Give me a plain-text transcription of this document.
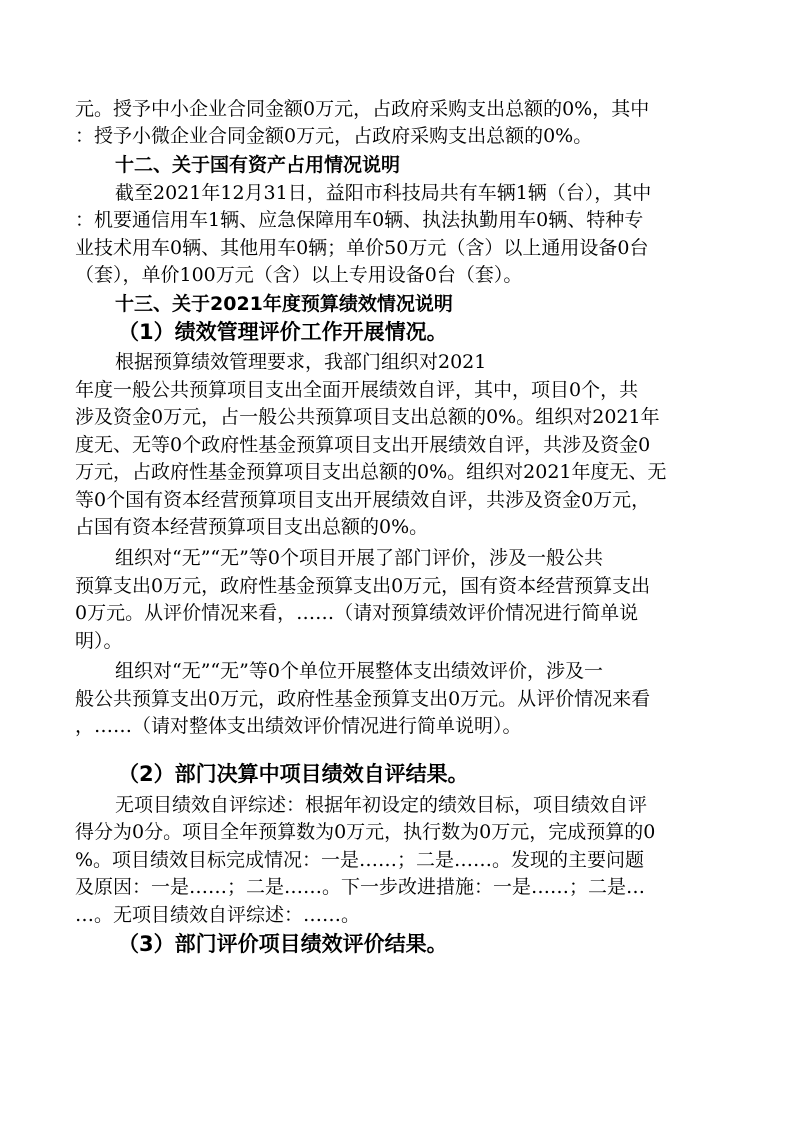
元。授予中小企业合同金额0万元，占政府采购支出总额的0%，其中
：授予小微企业合同金额0万元，占政府采购支出总额的0%。
十二、关于国有资产占用情况说明
截至2021年12月31日，益阳市科技局共有车辆1辆（台），其中
：机要通信用车1辆、应急保障用车0辆、执法执勤用车0辆、特种专
业技术用车0辆、其他用车0辆；单价50万元（含）以上通用设备0台
（套），单价100万元（含）以上专用设备0台（套）。
十三、关于2021年度预算绩效情况说明
（1）绩效管理评价工作开展情况。
根据预算绩效管理要求，我部门组织对2021
年度一般公共预算项目支出全面开展绩效自评，其中，项目0个，共
涉及资金0万元，占一般公共预算项目支出总额的0%。组织对2021年
度无、无等0个政府性基金预算项目支出开展绩效自评，共涉及资金0
万元，占政府性基金预算项目支出总额的0%。组织对2021年度无、无
等0个国有资本经营预算项目支出开展绩效自评，共涉及资金0万元，
占国有资本经营预算项目支出总额的0%。
组织对“无”“无”等0个项目开展了部门评价，涉及一般公共
预算支出0万元，政府性基金预算支出0万元，国有资本经营预算支出
0万元。从评价情况来看，……（请对预算绩效评价情况进行简单说
明）。
组织对“无”“无”等0个单位开展整体支出绩效评价，涉及一
般公共预算支出0万元，政府性基金预算支出0万元。从评价情况来看
，……（请对整体支出绩效评价情况进行简单说明）。
（2）部门决算中项目绩效自评结果。
无项目绩效自评综述：根据年初设定的绩效目标，项目绩效自评
得分为0分。项目全年预算数为0万元，执行数为0万元，完成预算的0
%。项目绩效目标完成情况：一是……；二是……。发现的主要问题
及原因：一是……；二是……。下一步改进措施：一是……；二是…
…。无项目绩效自评综述：……。
（3）部门评价项目绩效评价结果。
